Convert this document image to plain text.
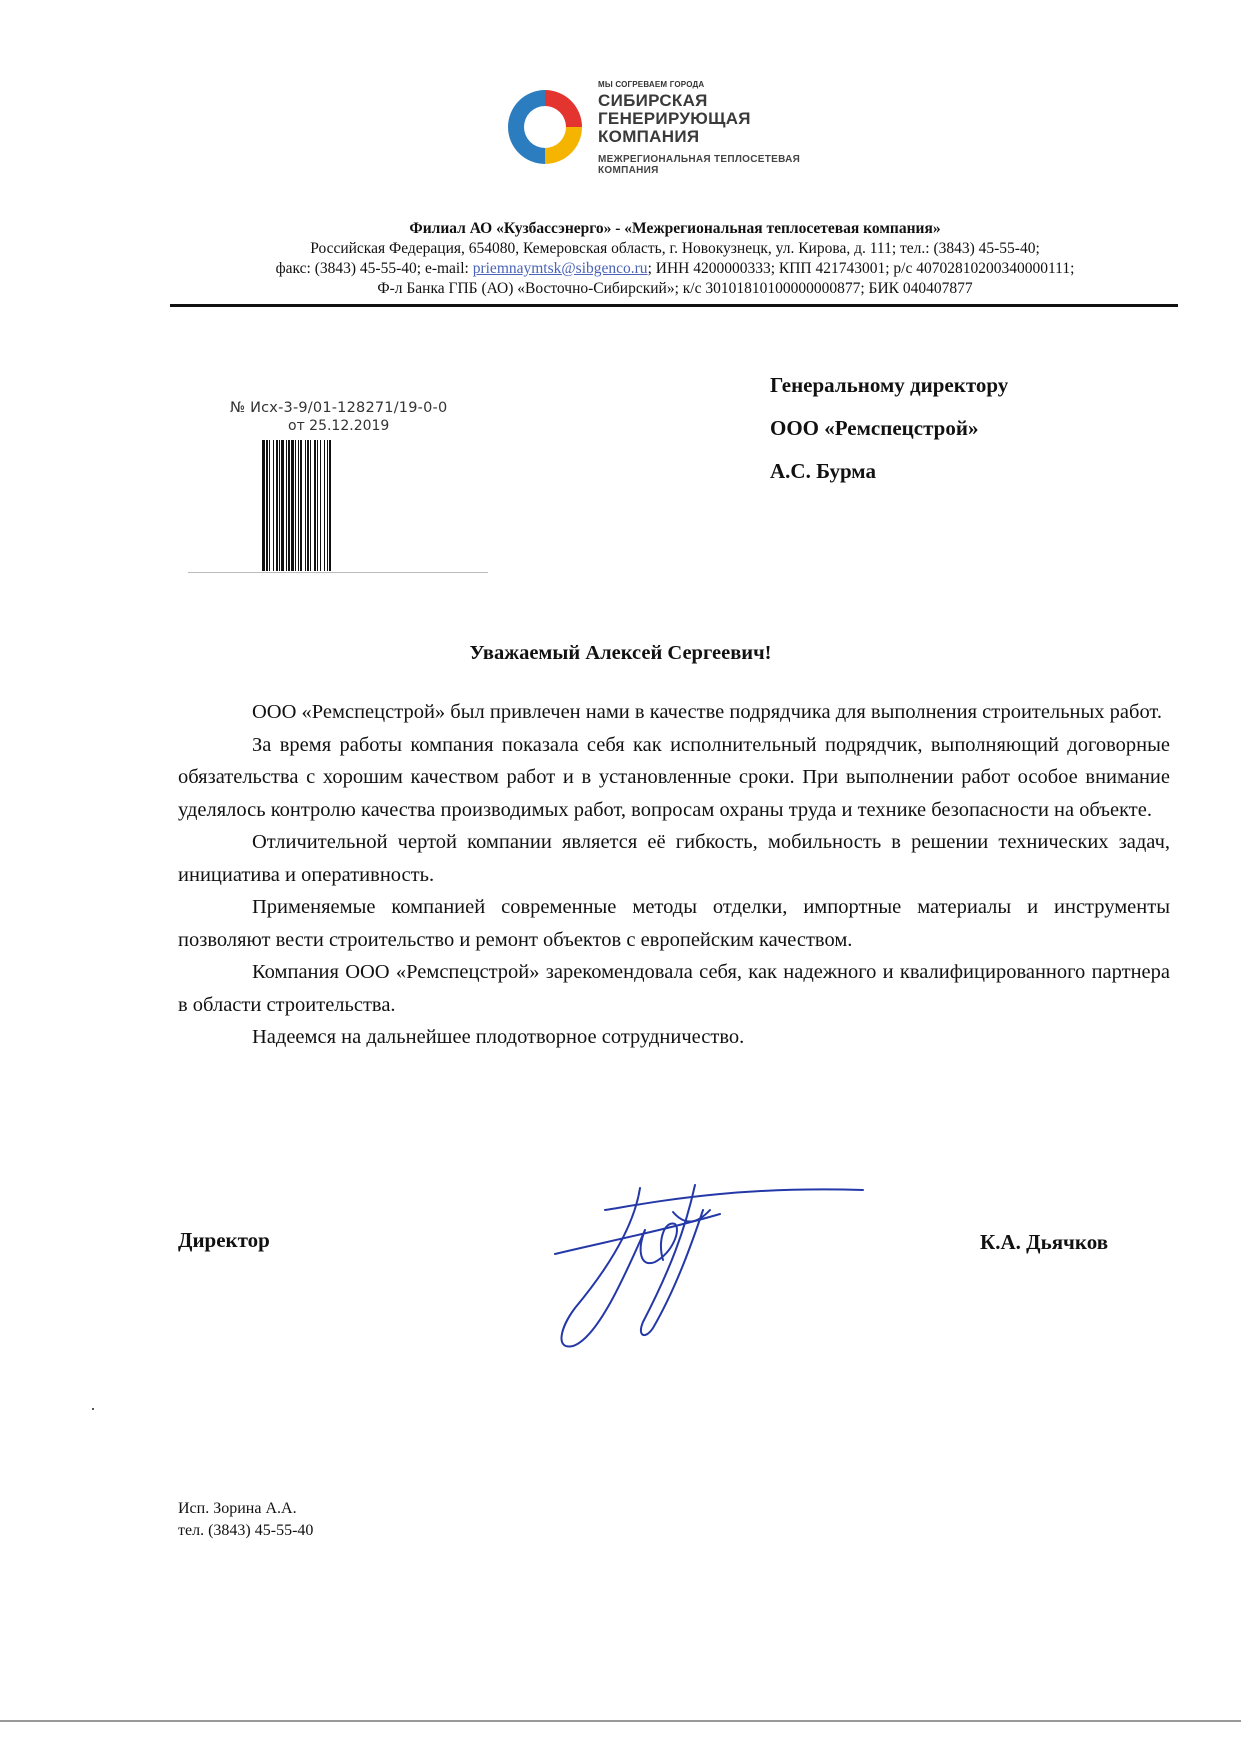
МЫ СОГРЕВАЕМ ГОРОДА
СИБИРСКАЯ
ГЕНЕРИРУЮЩАЯ
КОМПАНИЯ
МЕЖРЕГИОНАЛЬНАЯ ТЕПЛОСЕТЕВАЯ
КОМПАНИЯ
Филиал АО «Кузбассэнерго» - «Межрегиональная теплосетевая компания»
Российская Федерация, 654080, Кемеровская область, г. Новокузнецк, ул. Кирова, д. 111; тел.: (3843) 45-55-40;
факс: (3843) 45-55-40; e-mail: priemnaymtsk@sibgenco.ru; ИНН 4200000333; КПП 421743001; р/с 40702810200340000111;
Ф-л Банка ГПБ (АО) «Восточно-Сибирский»; к/с 30101810100000000877; БИК 040407877
№ Исх-3-9/01-128271/19-0-0
от 25.12.2019
Генеральному директору
ООО «Ремспецстрой»
А.С. Бурма
Уважаемый Алексей Сергеевич!

ООО «Ремспецстрой» был привлечен нами в качестве подрядчика для выполнения строительных работ.

За время работы компания показала себя как исполнительный подрядчик, выполняющий договорные обязательства с хорошим качеством работ и в установленные сроки. При выполнении работ особое внимание уделялось контролю качества производимых работ, вопросам охраны труда и технике безопасности на объекте.

Отличительной чертой компании является её гибкость, мобильность в решении технических задач, инициатива и оперативность.

Применяемые компанией современные методы отделки, импортные материалы и инструменты позволяют вести строительство и ремонт объектов с европейским качеством.

Компания ООО «Ремспецстрой» зарекомендовала себя, как надежного и квалифицированного партнера в области строительства.

Надеемся на дальнейшее плодотворное сотрудничество.

Директор	К.А. Дьячков
Исп. Зорина А.А.
тел. (3843) 45-55-40
